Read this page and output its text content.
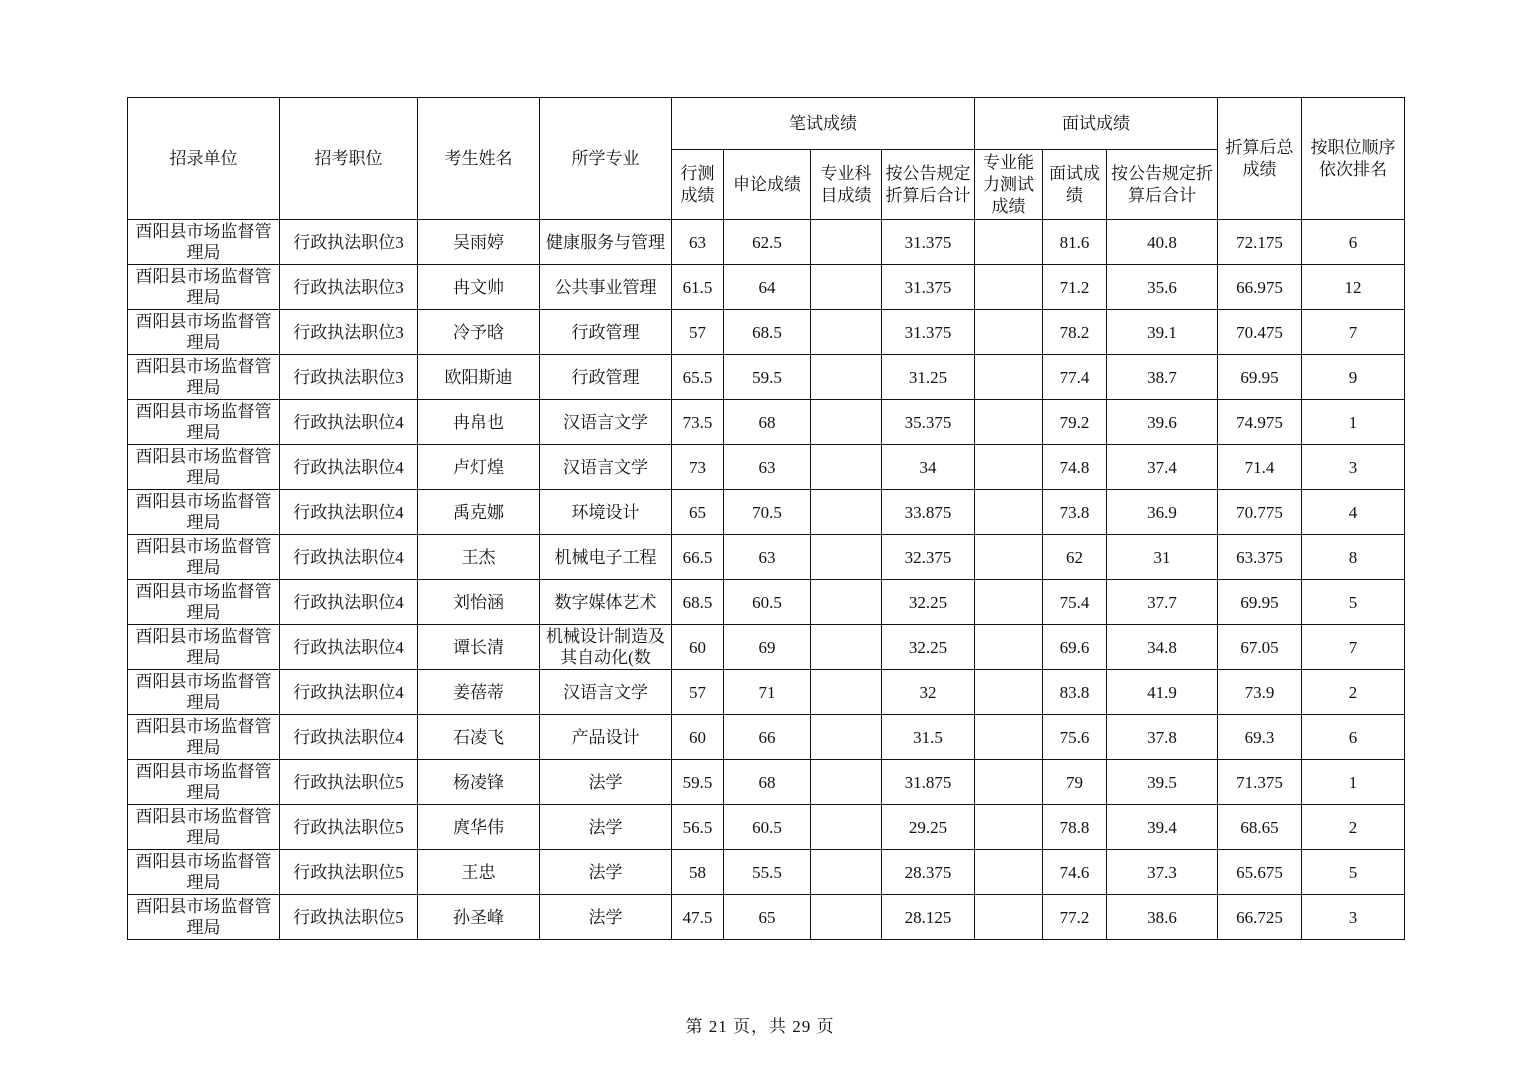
招录单位	招考职位	考生姓名	所学专业	笔试成绩				面试成绩			折算后总成绩	按职位顺序依次排名
				行测成绩	申论成绩	专业科目成绩	按公告规定折算后合计	专业能力测试成绩	面试成绩	按公告规定折算后合计		

酉阳县市场监督管理局	行政执法职位3	吴雨婷	健康服务与管理	63	62.5		31.375		81.6	40.8	72.175	6

酉阳县市场监督管理局	行政执法职位3	冉文帅	公共事业管理	61.5	64		31.375		71.2	35.6	66.975	12

酉阳县市场监督管理局	行政执法职位3	冷予晗	行政管理	57	68.5		31.375		78.2	39.1	70.475	7

酉阳县市场监督管理局	行政执法职位3	欧阳斯迪	行政管理	65.5	59.5		31.25		77.4	38.7	69.95	9

酉阳县市场监督管理局	行政执法职位4	冉帛也	汉语言文学	73.5	68		35.375		79.2	39.6	74.975	1

酉阳县市场监督管理局	行政执法职位4	卢灯煌	汉语言文学	73	63		34		74.8	37.4	71.4	3

酉阳县市场监督管理局	行政执法职位4	禹克娜	环境设计	65	70.5		33.875		73.8	36.9	70.775	4

酉阳县市场监督管理局	行政执法职位4	王杰	机械电子工程	66.5	63		32.375		62	31	63.375	8

酉阳县市场监督管理局	行政执法职位4	刘怡涵	数字媒体艺术	68.5	60.5		32.25		75.4	37.7	69.95	5

酉阳县市场监督管理局	行政执法职位4	谭长清	机械设计制造及其自动化(数	60	69		32.25		69.6	34.8	67.05	7

酉阳县市场监督管理局	行政执法职位4	姜蓓蒂	汉语言文学	57	71		32		83.8	41.9	73.9	2

酉阳县市场监督管理局	行政执法职位4	石凌飞	产品设计	60	66		31.5		75.6	37.8	69.3	6

酉阳县市场监督管理局	行政执法职位5	杨凌锋	法学	59.5	68		31.875		79	39.5	71.375	1

酉阳县市场监督管理局	行政执法职位5	庹华伟	法学	56.5	60.5		29.25		78.8	39.4	68.65	2

酉阳县市场监督管理局	行政执法职位5	王忠	法学	58	55.5		28.375		74.6	37.3	65.675	5

酉阳县市场监督管理局	行政执法职位5	孙圣峰	法学	47.5	65		28.125		77.2	38.6	66.725	3
第 21 页，共 29 页
